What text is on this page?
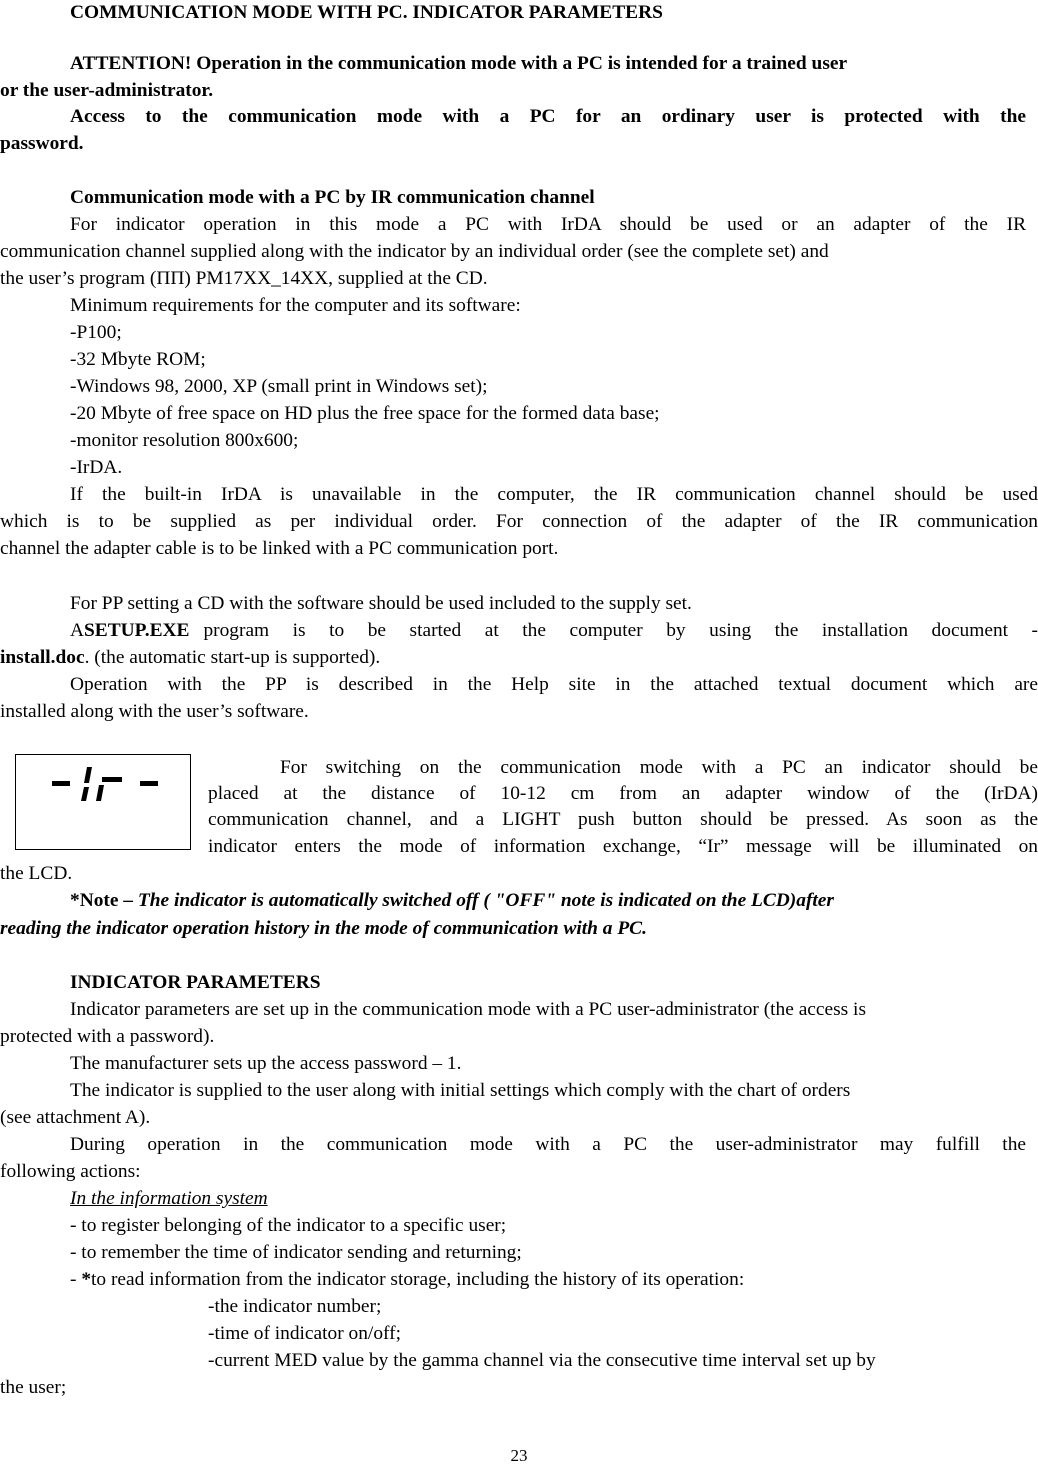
COMMUNICATION MODE WITH PC. INDICATOR PARAMETERS
ATTENTION! Operation in the communication mode with a PC is intended for a trained user
or the user-administrator.
Access to the communication mode with a PC for an ordinary user is protected with the
password.
Communication mode with a PC by IR communication channel
For indicator operation in this mode a PC with IrDA should be used or an adapter of the IR
communication channel supplied along with the indicator by an individual order (see the complete set) and
the user’s program (ПП) PM17XX_14XX, supplied at the CD.
Minimum requirements for the computer and its software:
-P100;
-32 Mbyte ROM;
-Windows 98, 2000, XP (small print in Windows set);
-20 Mbyte of free space on HD plus the free space for the formed data base;
-monitor resolution 800x600;
-IrDA.
If the built-in IrDA is unavailable in the computer, the IR communication channel should be used
which is to be supplied as per individual order. For connection of the adapter of the IR communication
channel the adapter cable is to be linked with a PC communication port.
For PP setting a CD with the software should be used included to the supply set.
A SETUP.EXE program is to be started at the computer by using the installation document -
install.doc. (the automatic start-up is supported).
Operation with the PP is described in the Help site in the attached textual document which are
installed along with the user’s software.
For switching on the communication mode with a PC an indicator should be
placed at the distance of 10-12 cm from an adapter window of the (IrDA)
communication channel, and a LIGHT push button should be pressed. As soon as the
indicator enters the mode of information exchange, “Ir” message will be illuminated on
the LCD.
*Note – The indicator is automatically switched off ( "OFF" note is indicated on the LCD)after
reading the indicator operation history in the mode of communication with a PC.
INDICATOR PARAMETERS
Indicator parameters are set up in the communication mode with a PC user-administrator (the access is
protected with a password).
The manufacturer sets up the access password – 1.
The indicator is supplied to the user along with initial settings which comply with the chart of orders
(see attachment A).
During operation in the communication mode with a PC the user-administrator may fulfill the
following actions:
In the information system
- to register belonging of the indicator to a specific user;
- to remember the time of indicator sending and returning;
- *to read information from the indicator storage, including the history of its operation:
-the indicator number;
-time of indicator on/off;
-current MED value by the gamma channel via the consecutive time interval set up by
the user;
23
